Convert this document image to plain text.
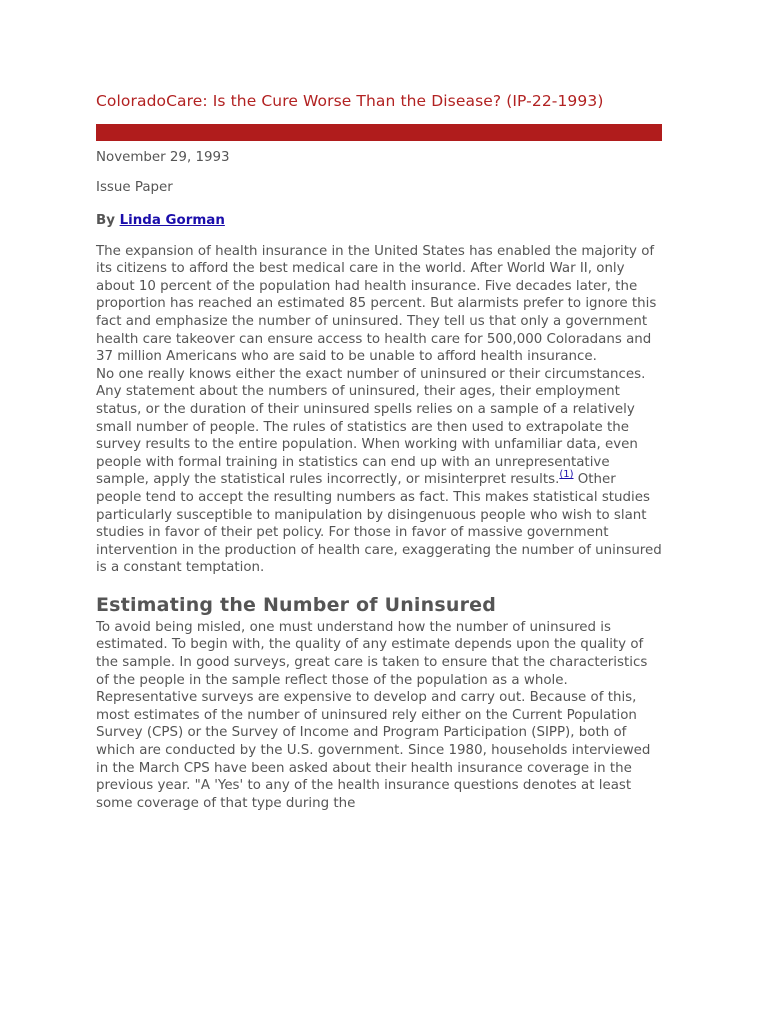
ColoradoCare: Is the Cure Worse Than the Disease? (IP-22-1993)

November 29, 1993

Issue Paper

By Linda Gorman

The expansion of health insurance in the United States has enabled the majority of its citizens to afford the best medical care in the world. After World War II, only about 10 percent of the population had health insurance. Five decades later, the proportion has reached an estimated 85 percent. But alarmists prefer to ignore this fact and emphasize the number of uninsured. They tell us that only a government health care takeover can ensure access to health care for 500,000 Coloradans and 37 million Americans who are said to be unable to afford health insurance.

No one really knows either the exact number of uninsured or their circumstances. Any statement about the numbers of uninsured, their ages, their employment status, or the duration of their uninsured spells relies on a sample of a relatively small number of people. The rules of statistics are then used to extrapolate the survey results to the entire population. When working with unfamiliar data, even people with formal training in statistics can end up with an unrepresentative sample, apply the statistical rules incorrectly, or misinterpret results.$^{(1)}$ Other people tend to accept the resulting numbers as fact. This makes statistical studies particularly susceptible to manipulation by disingenuous people who wish to slant studies in favor of their pet policy. For those in favor of massive government intervention in the production of health care, exaggerating the number of uninsured is a constant temptation.

Estimating the Number of Uninsured

To avoid being misled, one must understand how the number of uninsured is estimated. To begin with, the quality of any estimate depends upon the quality of the sample. In good surveys, great care is taken to ensure that the characteristics of the people in the sample reflect those of the population as a whole.

Representative surveys are expensive to develop and carry out. Because of this, most estimates of the number of uninsured rely either on the Current Population Survey (CPS) or the Survey of Income and Program Participation (SIPP), both of which are conducted by the U.S. government. Since 1980, households interviewed in the March CPS have been asked about their health insurance coverage in the previous year. "A 'Yes' to any of the health insurance questions denotes at least some coverage of that type during the
